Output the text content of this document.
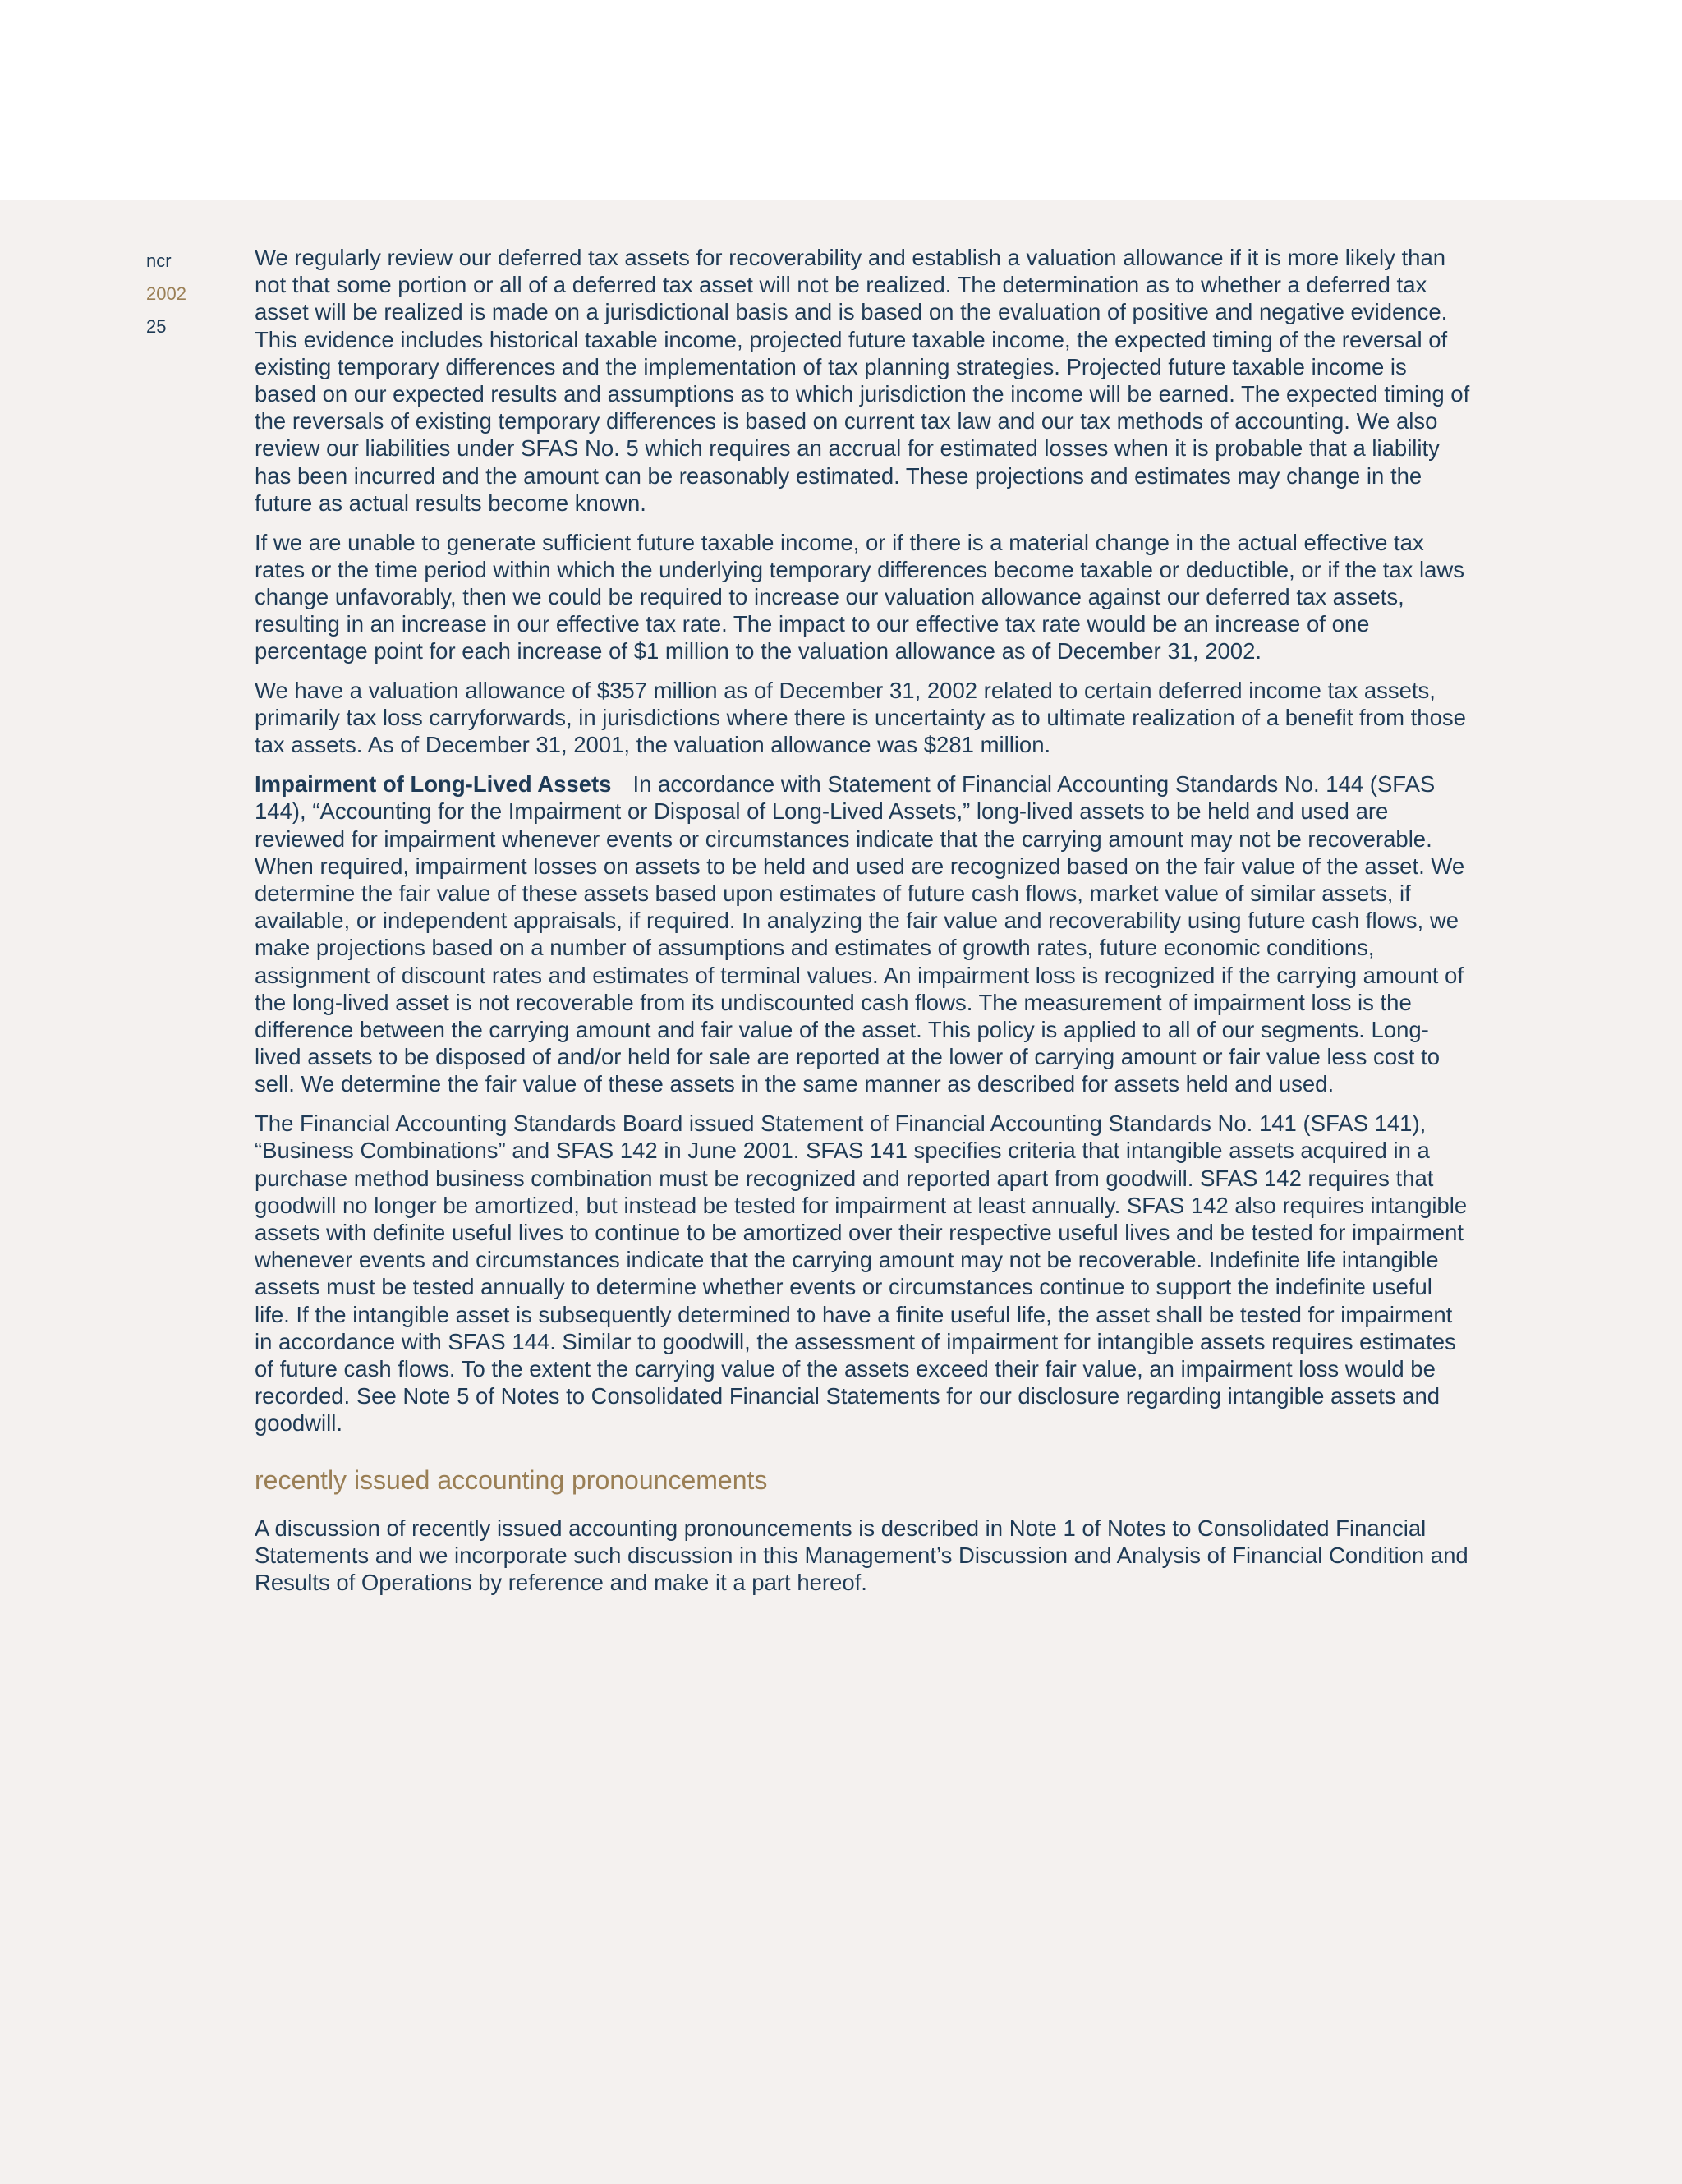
ncr
2002
25

We regularly review our deferred tax assets for recoverability and establish a valuation allowance if it is more likely than not that some portion or all of a deferred tax asset will not be realized. The determination as to whether a deferred tax asset will be realized is made on a jurisdictional basis and is based on the evaluation of positive and negative evidence. This evidence includes historical taxable income, projected future taxable income, the expected timing of the reversal of existing temporary differences and the implementation of tax planning strategies. Projected future taxable income is based on our expected results and assumptions as to which jurisdiction the income will be earned. The expected timing of the reversals of existing temporary differences is based on current tax law and our tax methods of accounting. We also review our liabilities under SFAS No. 5 which requires an accrual for estimated losses when it is probable that a liability has been incurred and the amount can be reasonably estimated. These projections and estimates may change in the future as actual results become known.

If we are unable to generate sufficient future taxable income, or if there is a material change in the actual effective tax rates or the time period within which the underlying temporary differences become taxable or deductible, or if the tax laws change unfavorably, then we could be required to increase our valuation allowance against our deferred tax assets, resulting in an increase in our effective tax rate. The impact to our effective tax rate would be an increase of one percentage point for each increase of $1 million to the valuation allowance as of December 31, 2002.

We have a valuation allowance of $357 million as of December 31, 2002 related to certain deferred income tax assets, primarily tax loss carryforwards, in jurisdictions where there is uncertainty as to ultimate realization of a benefit from those tax assets. As of December 31, 2001, the valuation allowance was $281 million.

Impairment of Long-Lived Assets In accordance with Statement of Financial Accounting Standards No. 144 (SFAS 144), “Accounting for the Impairment or Disposal of Long-Lived Assets,” long-lived assets to be held and used are reviewed for impairment whenever events or circumstances indicate that the carrying amount may not be recoverable. When required, impairment losses on assets to be held and used are recognized based on the fair value of the asset. We determine the fair value of these assets based upon estimates of future cash flows, market value of similar assets, if available, or independent appraisals, if required. In analyzing the fair value and recoverability using future cash flows, we make projections based on a number of assumptions and estimates of growth rates, future economic conditions, assignment of discount rates and estimates of terminal values. An impairment loss is recognized if the carrying amount of the long-lived asset is not recoverable from its undiscounted cash flows. The measurement of impairment loss is the difference between the carrying amount and fair value of the asset. This policy is applied to all of our segments. Long-lived assets to be disposed of and/or held for sale are reported at the lower of carrying amount or fair value less cost to sell. We determine the fair value of these assets in the same manner as described for assets held and used.

The Financial Accounting Standards Board issued Statement of Financial Accounting Standards No. 141 (SFAS 141), “Business Combinations” and SFAS 142 in June 2001. SFAS 141 specifies criteria that intangible assets acquired in a purchase method business combination must be recognized and reported apart from goodwill. SFAS 142 requires that goodwill no longer be amortized, but instead be tested for impairment at least annually. SFAS 142 also requires intangible assets with definite useful lives to continue to be amortized over their respective useful lives and be tested for impairment whenever events and circumstances indicate that the carrying amount may not be recoverable. Indefinite life intangible assets must be tested annually to determine whether events or circumstances continue to support the indefinite useful life. If the intangible asset is subsequently determined to have a finite useful life, the asset shall be tested for impairment in accordance with SFAS 144. Similar to goodwill, the assessment of impairment for intangible assets requires estimates of future cash flows. To the extent the carrying value of the assets exceed their fair value, an impairment loss would be recorded. See Note 5 of Notes to Consolidated Financial Statements for our disclosure regarding intangible assets and goodwill.

recently issued accounting pronouncements

A discussion of recently issued accounting pronouncements is described in Note 1 of Notes to Consolidated Financial Statements and we incorporate such discussion in this Management’s Discussion and Analysis of Financial Condition and Results of Operations by reference and make it a part hereof.
